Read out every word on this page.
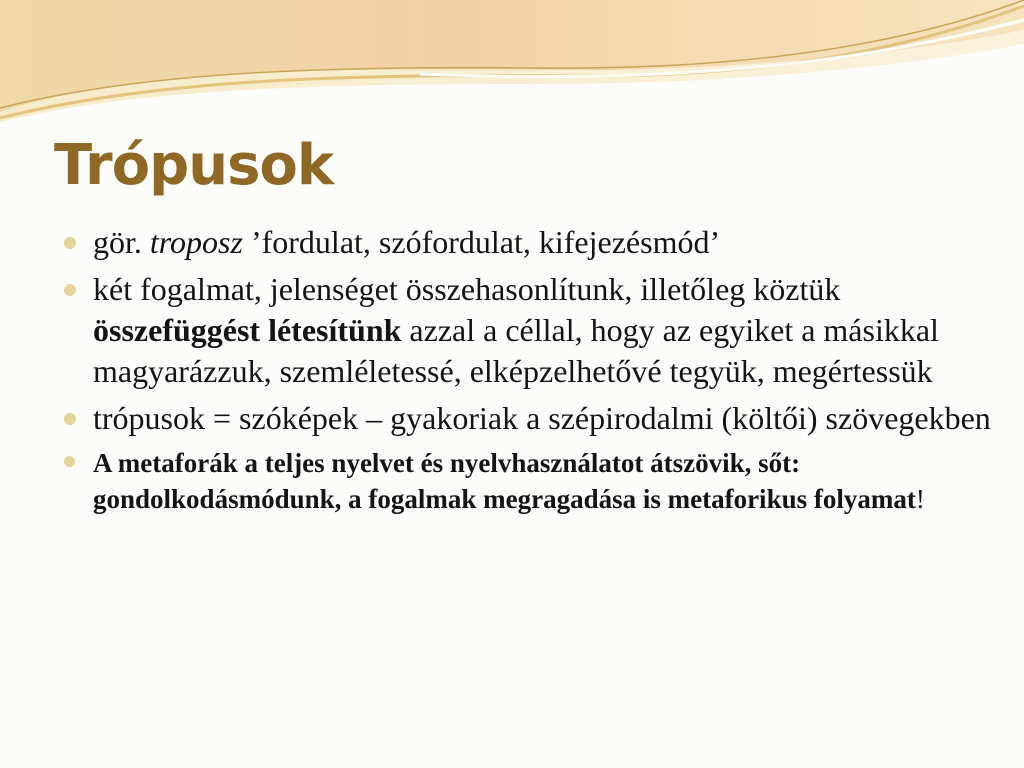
Trópusok
gör. troposz ’fordulat, szófordulat, kifejezésmód’
két fogalmat, jelenséget összehasonlítunk, illetőleg köztük összefüggést létesítünk azzal a céllal, hogy az egyiket a másikkal magyarázzuk, szemléletessé, elképzelhetővé tegyük, megértessük
trópusok = szóképek – gyakoriak a szépirodalmi (költői) szövegekben
A metaforák a teljes nyelvet és nyelvhasználatot átszövik, sőt: gondolkodásmódunk, a fogalmak megragadása is metaforikus folyamat!
